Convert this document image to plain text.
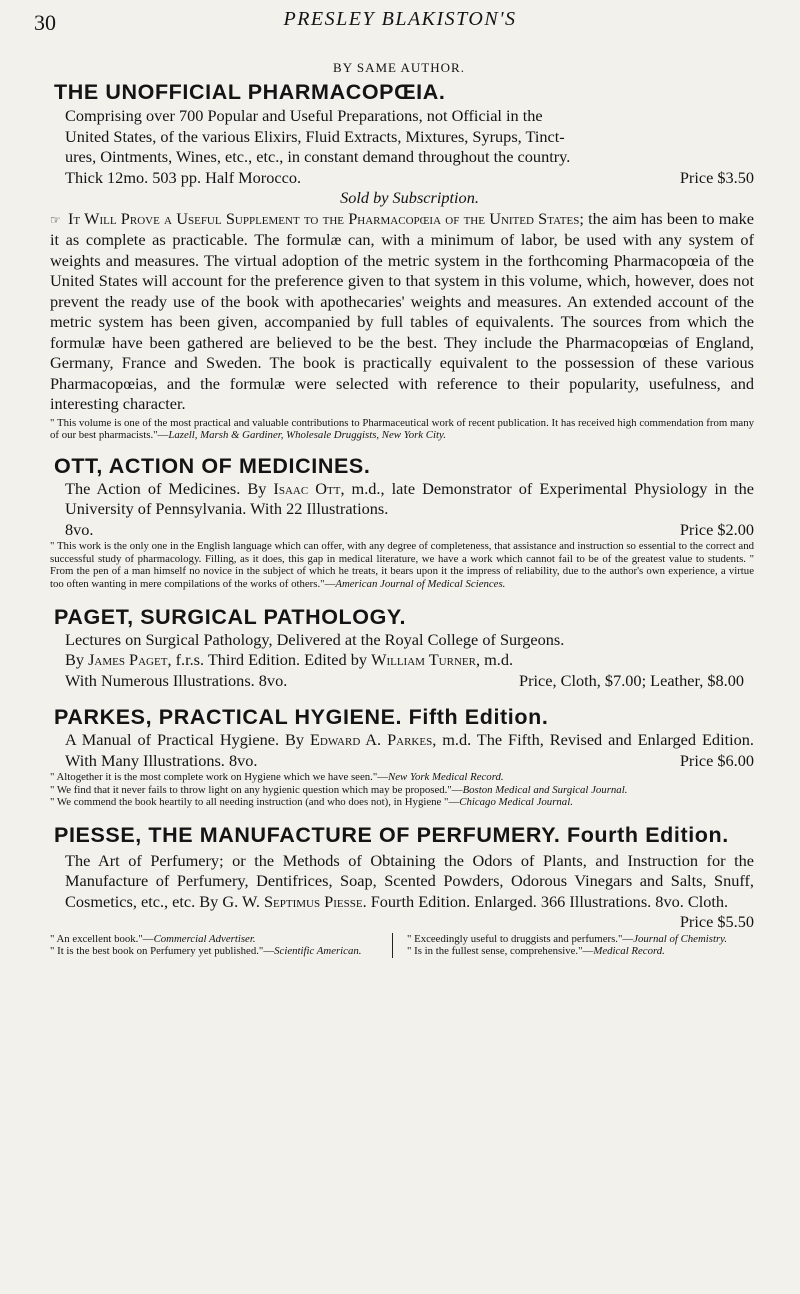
30	PRESLEY BLAKISTON'S
BY SAME AUTHOR.
THE UNOFFICIAL PHARMACOPŒIA.
Comprising over 700 Popular and Useful Preparations, not Official in the
United States, of the various Elixirs, Fluid Extracts, Mixtures, Syrups, Tinct-
ures, Ointments, Wines, etc., etc., in constant demand throughout the country.
Thick 12mo. 503 pp. Half Morocco.	Price $3.50
Sold by Subscription.
☞ It Will Prove a Useful Supplement to the Pharmacopœia of the United States; the aim has been to make it as complete as practicable. The formulæ can, with a minimum of labor, be used with any system of weights and measures. The virtual adoption of the metric system in the forthcoming Pharmacopœia of the United States will account for the preference given to that system in this volume, which, however, does not prevent the ready use of the book with apothecaries' weights and measures. An extended account of the metric system has been given, accompanied by full tables of equivalents. The sources from which the formulæ have been gathered are believed to be the best. They include the Pharmacopœias of England, Germany, France and Sweden. The book is practically equivalent to the possession of these various Pharmacopœias, and the formulæ were selected with reference to their popularity, usefulness, and interesting character.
" This volume is one of the most practical and valuable contributions to Pharmaceutical work of recent publication. It has received high commendation from many of our best pharmacists."—Lazell, Marsh & Gardiner, Wholesale Druggists, New York City.
OTT, ACTION OF MEDICINES.
The Action of Medicines. By Isaac Ott, m.d., late Demonstrator of Experimental Physiology in the University of Pennsylvania. With 22 Illustrations.
8vo.	Price $2.00
" This work is the only one in the English language which can offer, with any degree of completeness, that assistance and instruction so essential to the correct and successful study of pharmacology. Filling, as it does, this gap in medical literature, we have a work which cannot fail to be of the greatest value to students. " From the pen of a man himself no novice in the subject of which he treats, it bears upon it the impress of reliability, due to the author's own experience, a virtue too often wanting in mere compilations of the works of others."—American Journal of Medical Sciences.
PAGET, SURGICAL PATHOLOGY.
Lectures on Surgical Pathology, Delivered at the Royal College of Surgeons.
By James Paget, f.r.s. Third Edition. Edited by William Turner, m.d.
With Numerous Illustrations. 8vo.	Price, Cloth, $7.00; Leather, $8.00
PARKES, PRACTICAL HYGIENE. Fifth Edition.
A Manual of Practical Hygiene. By Edward A. Parkes, m.d. The Fifth, Revised and Enlarged Edition. With Many Illustrations. 8vo.	Price $6.00
" Altogether it is the most complete work on Hygiene which we have seen."—New York Medical Record.
" We find that it never fails to throw light on any hygienic question which may be proposed."—Boston Medical and Surgical Journal.
" We commend the book heartily to all needing instruction (and who does not), in Hygiene "—Chicago Medical Journal.
PIESSE, THE MANUFACTURE OF PERFUMERY. Fourth Edition.
The Art of Perfumery; or the Methods of Obtaining the Odors of Plants, and Instruction for the Manufacture of Perfumery, Dentifrices, Soap, Scented Powders, Odorous Vinegars and Salts, Snuff, Cosmetics, etc., etc. By G. W. Septimus Piesse. Fourth Edition. Enlarged. 366 Illustrations. 8vo. Cloth.
Price $5.50
" An excellent book."—Commercial Advertiser.
" It is the best book on Perfumery yet published."—Scientific American.
" Exceedingly useful to druggists and perfumers."—Journal of Chemistry.
" Is in the fullest sense, comprehensive."—Medical Record.
